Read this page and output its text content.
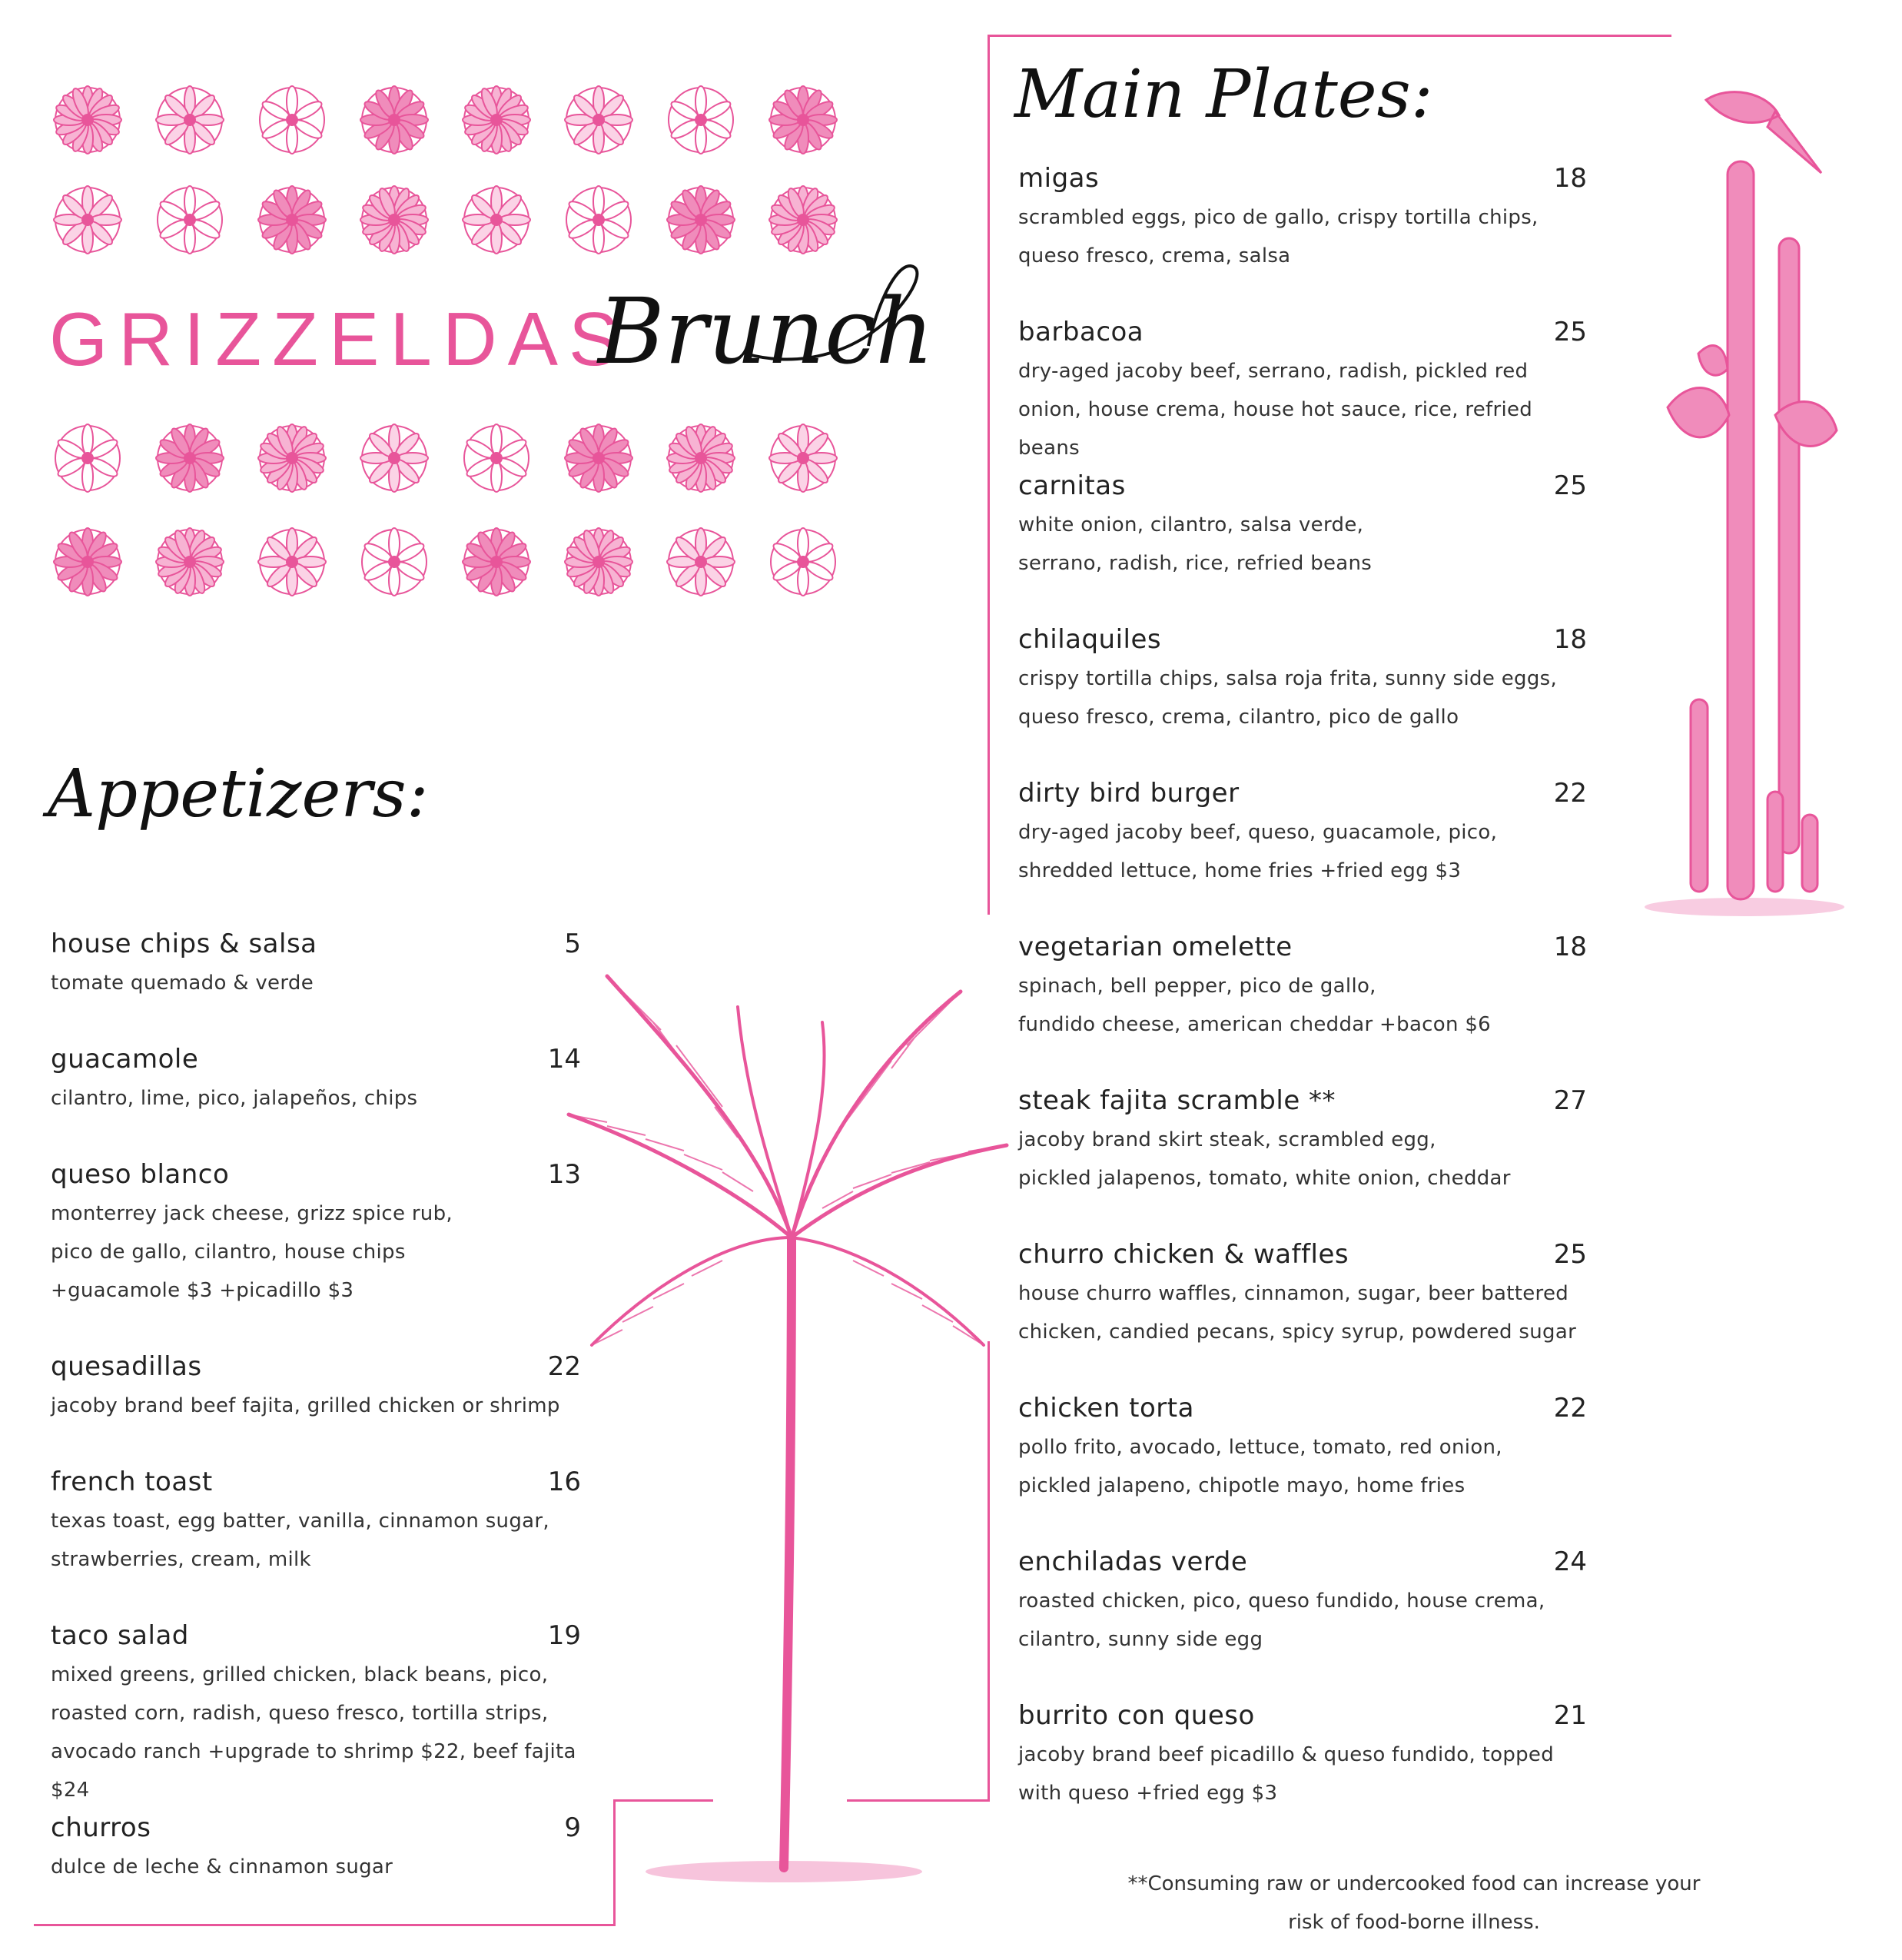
GRIZZELDAS
Brunch
Main Plates:
Appetizers:
house chips & salsa	5
tomate quemado & verde
guacamole	14
cilantro, lime, pico, jalapeños, chips
queso blanco	13
monterrey jack cheese, grizz spice rub,
pico de gallo, cilantro, house chips
+guacamole $3 +picadillo $3
quesadillas	22
jacoby brand beef fajita, grilled chicken or shrimp
french toast	16
texas toast, egg batter, vanilla, cinnamon sugar,
strawberries, cream, milk
taco salad	19
mixed greens, grilled chicken, black beans, pico,
roasted corn, radish, queso fresco, tortilla strips,
avocado ranch +upgrade to shrimp $22, beef fajita $24
churros	9
dulce de leche & cinnamon sugar
migas	18
scrambled eggs, pico de gallo, crispy tortilla chips,
queso fresco, crema, salsa
barbacoa	25
dry-aged jacoby beef, serrano, radish, pickled red
onion, house crema, house hot sauce, rice, refried beans
carnitas	25
white onion, cilantro, salsa verde,
serrano, radish, rice, refried beans
chilaquiles	18
crispy tortilla chips, salsa roja frita, sunny side eggs,
queso fresco, crema, cilantro, pico de gallo
dirty bird burger	22
dry-aged jacoby beef, queso, guacamole, pico,
shredded lettuce, home fries +fried egg $3
vegetarian omelette	18
spinach, bell pepper, pico de gallo,
fundido cheese, american cheddar +bacon $6
steak fajita scramble **	27
jacoby brand skirt steak, scrambled egg,
pickled jalapenos, tomato, white onion, cheddar
churro chicken & waffles	25
house churro waffles, cinnamon, sugar, beer battered
chicken, candied pecans, spicy syrup, powdered sugar
chicken torta	22
pollo frito, avocado, lettuce, tomato, red onion,
pickled jalapeno, chipotle mayo, home fries
enchiladas verde	24
roasted chicken, pico, queso fundido, house crema,
cilantro, sunny side egg
burrito con queso	21
jacoby brand beef picadillo & queso fundido, topped
with queso +fried egg $3
**Consuming raw or undercooked food can increase your
risk of food-borne illness.
